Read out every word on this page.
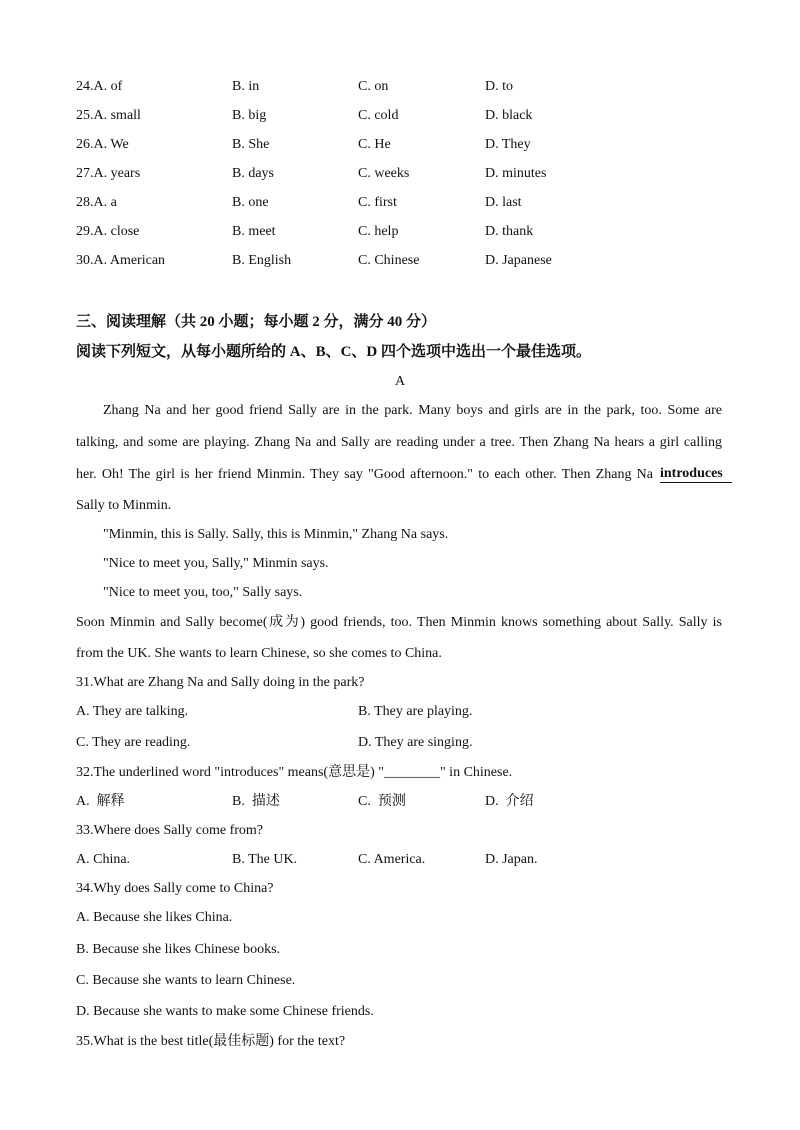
24.A. of	B. in	C. on	D. to
25.A. small	B. big	C. cold	D. black
26.A. We	B. She	C. He	D. They
27.A. years	B. days	C. weeks	D. minutes
28.A. a	B. one	C. first	D. last
29.A. close	B. meet	C. help	D. thank
30.A. American	B. English	C. Chinese	D. Japanese
三、阅读理解（共 20 小题；每小题 2 分，满分 40 分）
阅读下列短文，从每小题所给的 A、B、C、D 四个选项中选出一个最佳选项。
A
Zhang Na and her good friend Sally are in the park. Many boys and girls are in the park, too. Some are
talking, and some are playing. Zhang Na and Sally are reading under a tree. Then Zhang Na hears a girl calling
her. Oh! The girl is her friend Minmin. They say "Good afternoon." to each other. Then Zhang Na introduces
Sally to Minmin.
"Minmin, this is Sally. Sally, this is Minmin," Zhang Na says.
"Nice to meet you, Sally," Minmin says.
"Nice to meet you, too," Sally says.
Soon Minmin and Sally become(成为) good friends, too. Then Minmin knows something about Sally. Sally is
from the UK. She wants to learn Chinese, so she comes to China.
31.What are Zhang Na and Sally doing in the park?
A. They are talking.	B. They are playing.
C. They are reading.	D. They are singing.
32.The underlined word "introduces" means(意思是) "________" in Chinese.
A.  解释	B.  描述	C.  预测	D.  介绍
33.Where does Sally come from?
A. China.	B. The UK.	C. America.	D. Japan.
34.Why does Sally come to China?
A. Because she likes China.
B. Because she likes Chinese books.
C. Because she wants to learn Chinese.
D. Because she wants to make some Chinese friends.
35.What is the best title(最佳标题) for the text?
